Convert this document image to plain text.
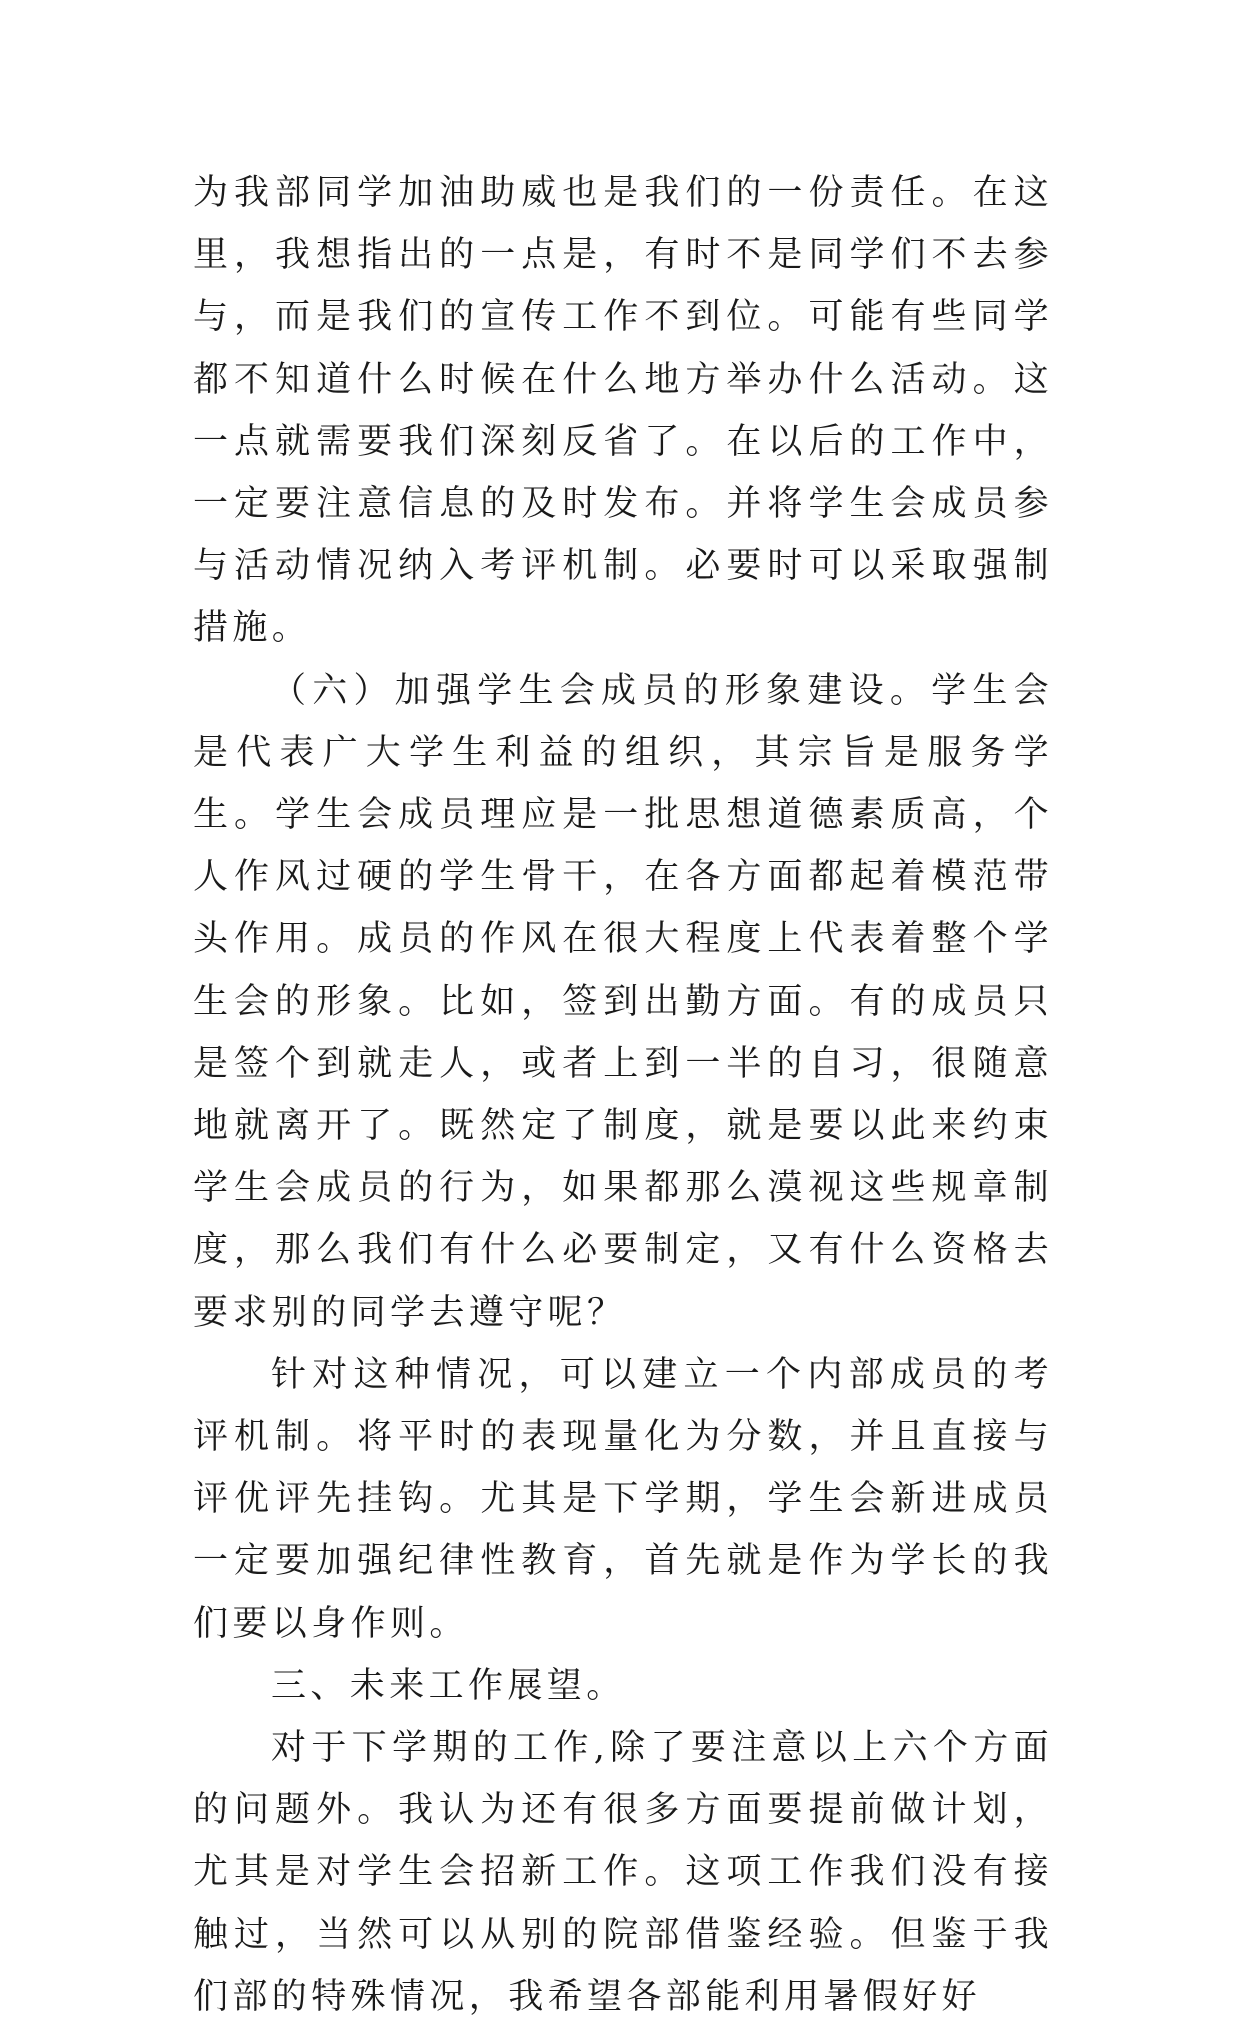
为我部同学加油助威也是我们的一份责任。在这里，我想指出的一点是，有时不是同学们不去参与，而是我们的宣传工作不到位。可能有些同学都不知道什么时候在什么地方举办什么活动。这一点就需要我们深刻反省了。在以后的工作中，一定要注意信息的及时发布。并将学生会成员参与活动情况纳入考评机制。必要时可以采取强制措施。

（六）加强学生会成员的形象建设。学生会是代表广大学生利益的组织，其宗旨是服务学生。学生会成员理应是一批思想道德素质高，个人作风过硬的学生骨干，在各方面都起着模范带头作用。成员的作风在很大程度上代表着整个学生会的形象。比如，签到出勤方面。有的成员只是签个到就走人，或者上到一半的自习，很随意地就离开了。既然定了制度，就是要以此来约束学生会成员的行为，如果都那么漠视这些规章制度，那么我们有什么必要制定，又有什么资格去要求别的同学去遵守呢？

针对这种情况，可以建立一个内部成员的考评机制。将平时的表现量化为分数，并且直接与评优评先挂钩。尤其是下学期，学生会新进成员一定要加强纪律性教育，首先就是作为学长的我们要以身作则。

三、未来工作展望。

对于下学期的工作,除了要注意以上六个方面的问题外。我认为还有很多方面要提前做计划，尤其是对学生会招新工作。这项工作我们没有接触过，当然可以从别的院部借鉴经验。但鉴于我们部的特殊情况，我希望各部能利用暑假好好
